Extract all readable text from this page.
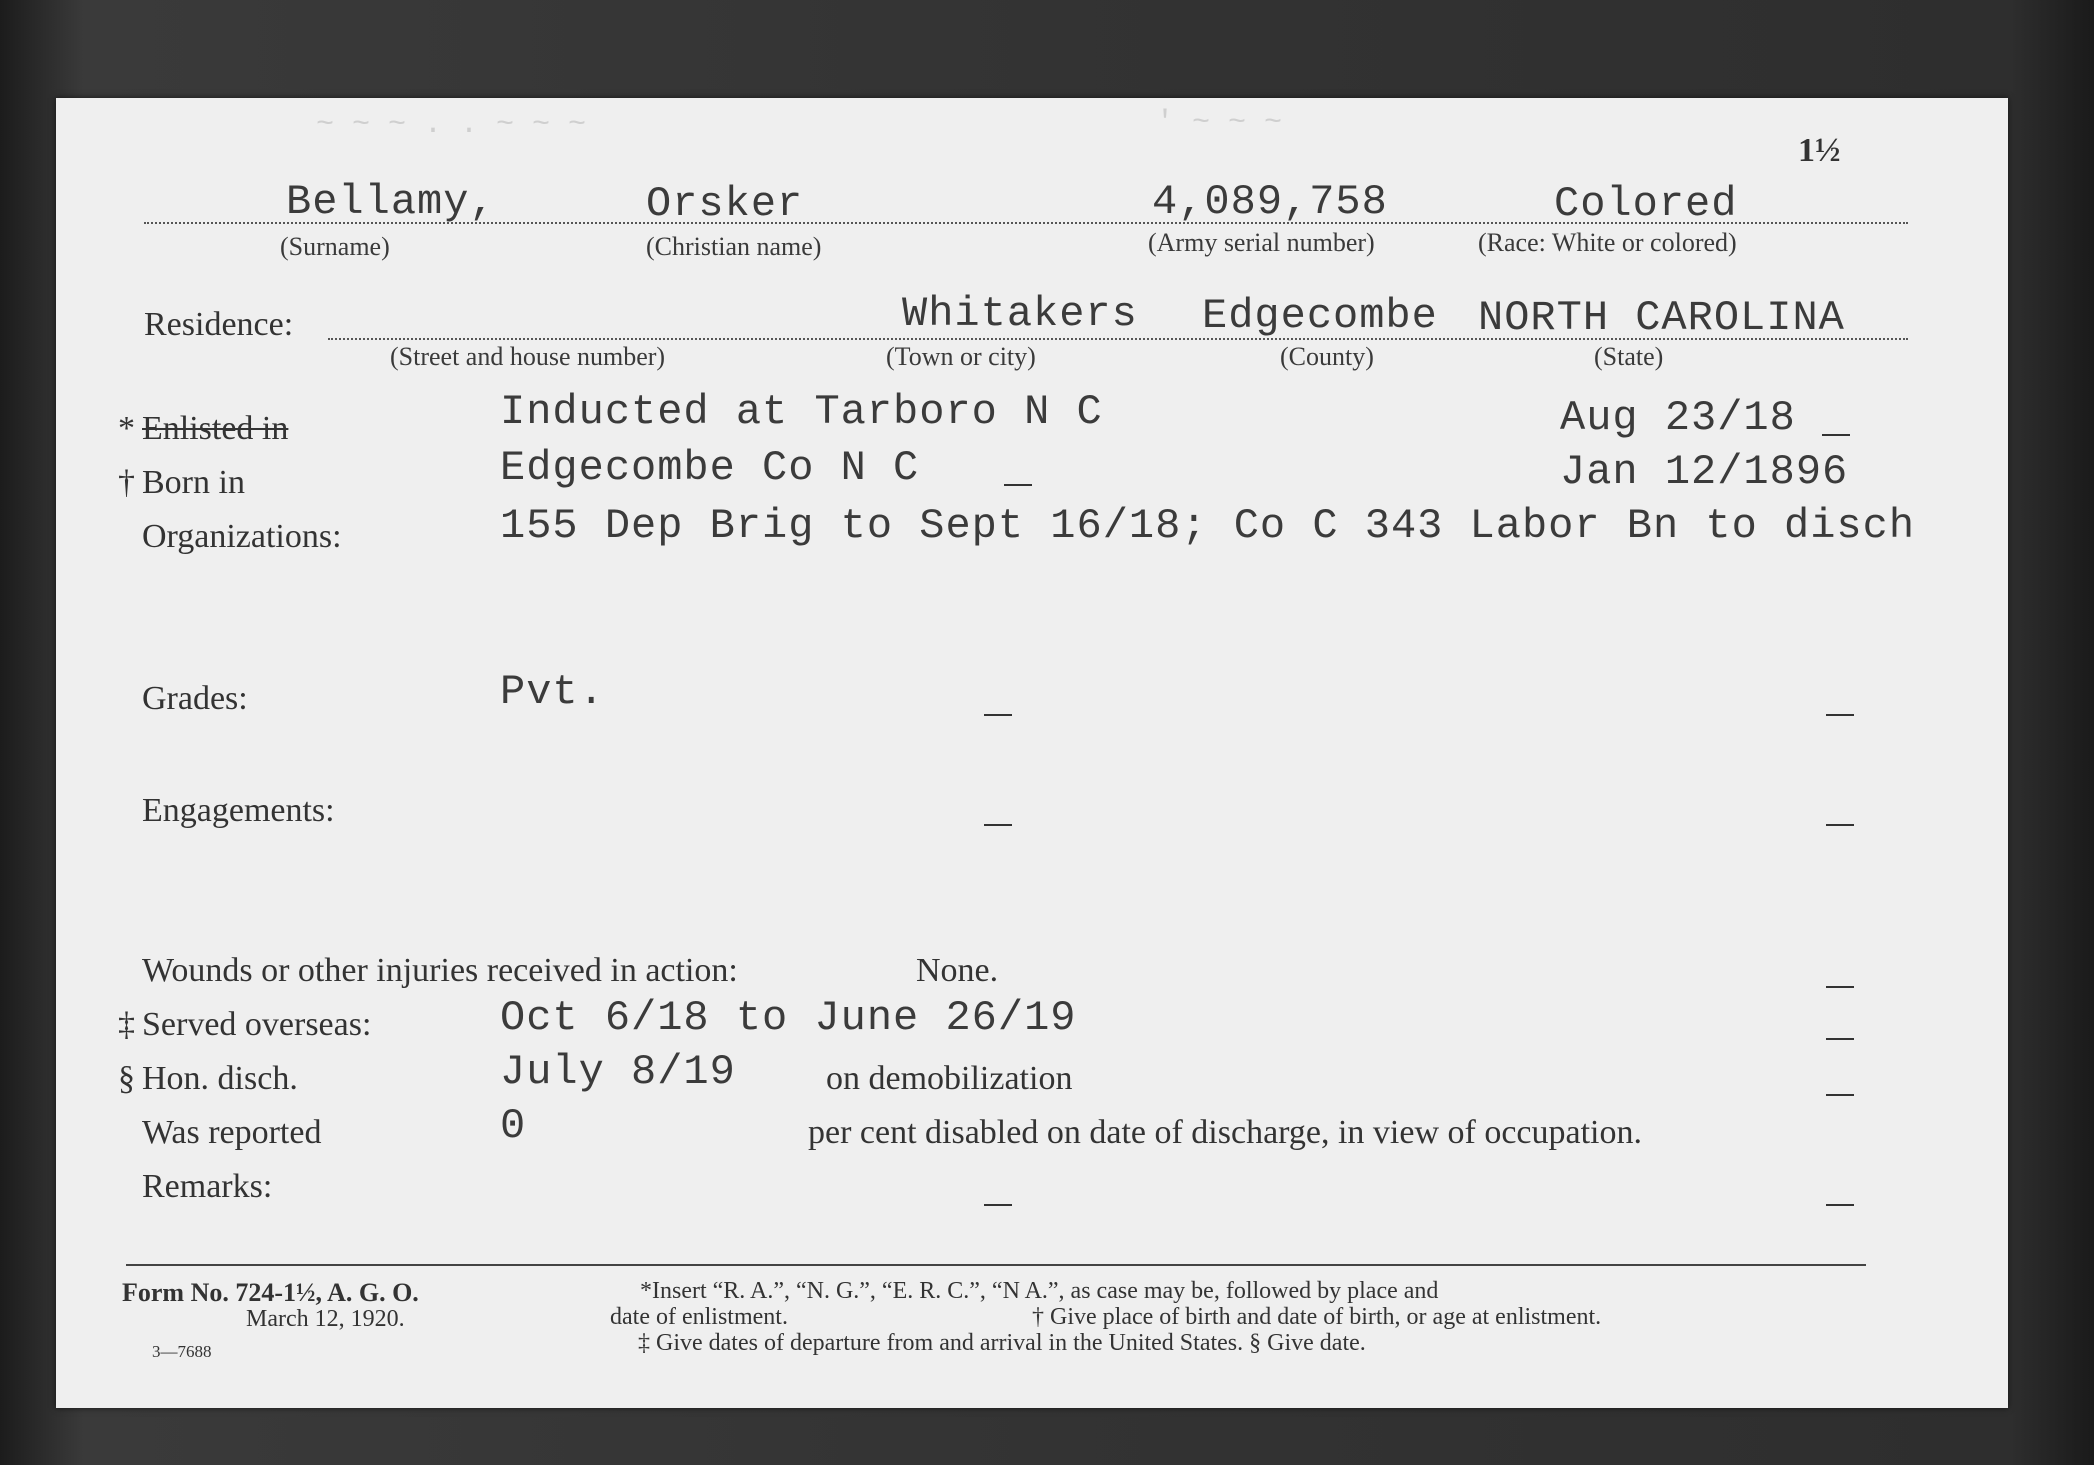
~ ~ ~ . . ~ ~ ~	' ~ ~ ~
1½
Bellamy,	Orsker	4,089,758	Colored
(Surname)	(Christian name)	(Army serial number)	(Race: White or colored)
Residence:	Whitakers Edgecombe NORTH CAROLINA
(Street and house number)	(Town or city)	(County)	(State)
* Enlisted in	Inducted at Tarboro N C	Aug 23/18
† Born in	Edgecombe Co N C	Jan 12/1896
Organizations:	155 Dep Brig to Sept 16/18; Co C 343 Labor Bn to disch
Grades:	Pvt.
Engagements:
Wounds or other injuries received in action:	None.
‡ Served overseas:	Oct 6/18 to June 26/19
§ Hon. disch.	July 8/19	on demobilization
Was reported	0	per cent disabled on date of discharge, in view of occupation.
Remarks:
Form No. 724-1½, A. G. O.
March 12, 1920.
3—7688
*Insert “R. A.”, “N. G.”, “E. R. C.”, “N A.”, as case may be, followed by place and
date of enlistment.	† Give place of birth and date of birth, or age at enlistment.
‡ Give dates of departure from and arrival in the United States. § Give date.
